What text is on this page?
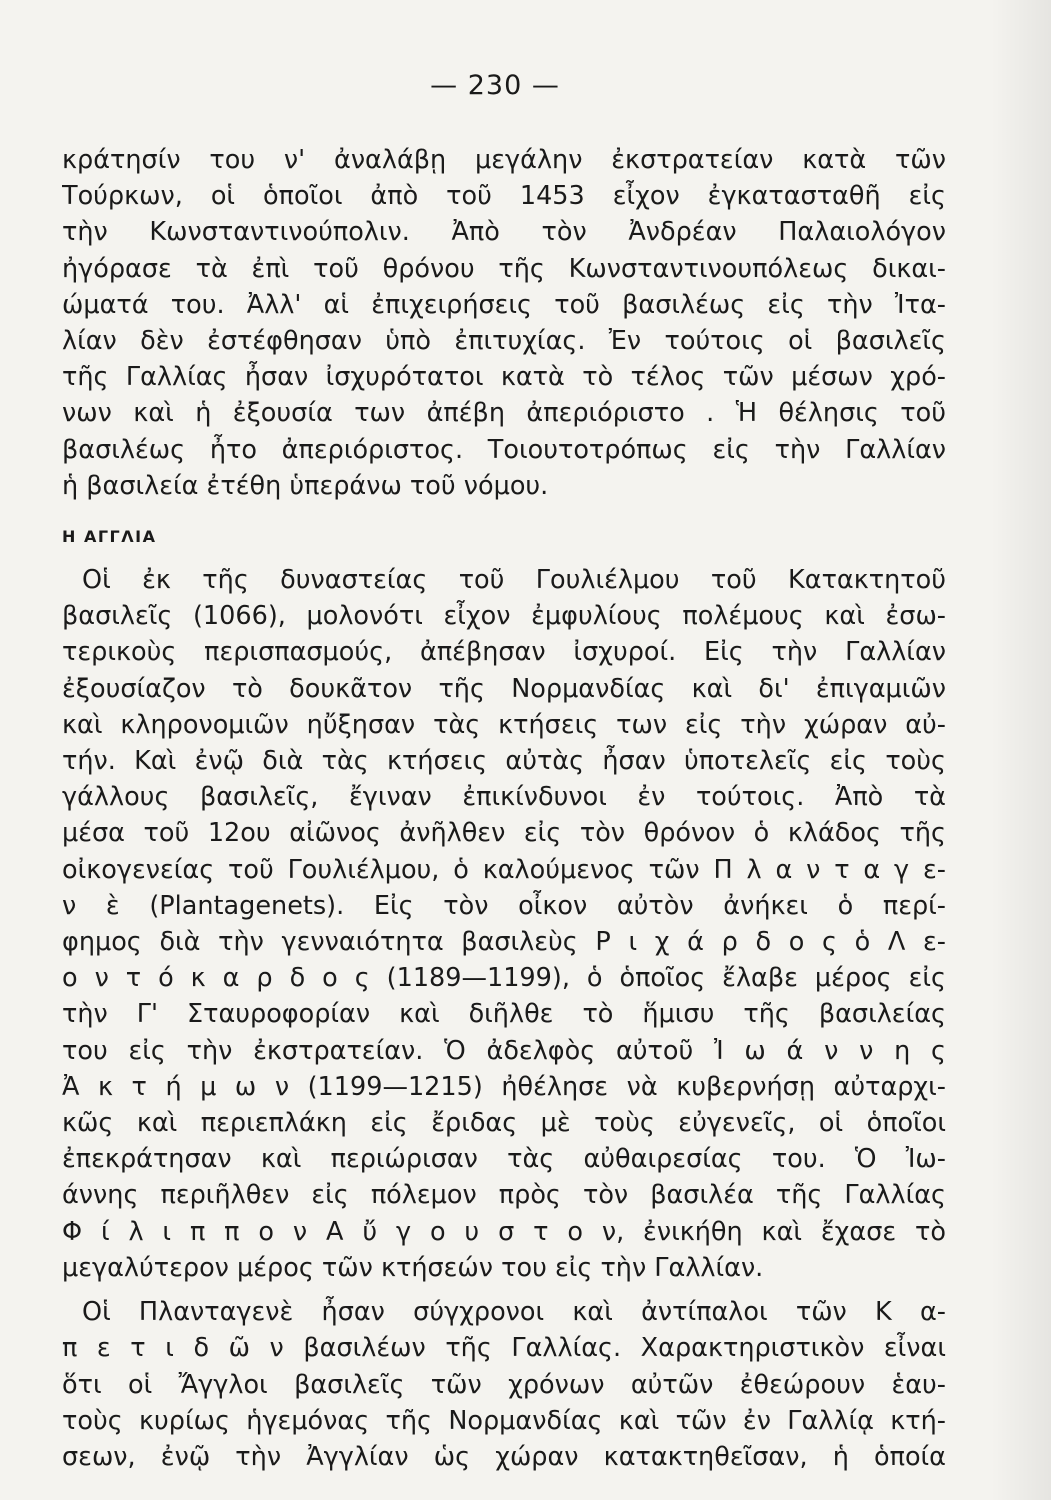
— 230 —
κράτησίν του ν' ἀναλάβῃ μεγάλην ἐκστρατείαν κατὰ τῶν
Τούρκων, οἱ ὁποῖοι ἀπὸ τοῦ 1453 εἶχον ἐγκατασταθῆ εἰς
τὴν Κωνσταντινούπολιν. Ἀπὸ τὸν Ἀνδρέαν Παλαιολόγον
ἠγόρασε τὰ ἐπὶ τοῦ θρόνου τῆς Κωνσταντινουπόλεως δικαι-
ώματά του. Ἀλλ' αἱ ἐπιχειρήσεις τοῦ βασιλέως εἰς τὴν Ἰτα-
λίαν δὲν ἐστέφθησαν ὑπὸ ἐπιτυχίας. Ἐν τούτοις οἱ βασιλεῖς
τῆς Γαλλίας ἦσαν ἰσχυρότατοι κατὰ τὸ τέλος τῶν μέσων χρό-
νων καὶ ἡ ἐξουσία των ἀπέβη ἀπεριόριστο . Ἡ θέλησις τοῦ
βασιλέως ἦτο ἀπεριόριστος. Τοιουτοτρόπως εἰς τὴν Γαλλίαν
ἡ βασιλεία ἐτέθη ὑπεράνω τοῦ νόμου.
Η ΑΓΓΛΙΑ
Οἱ ἐκ τῆς δυναστείας τοῦ Γουλιέλμου τοῦ Κατακτητοῦ
βασιλεῖς (1066), μολονότι εἶχον ἐμφυλίους πολέμους καὶ ἐσω-
τερικοὺς περισπασμούς, ἀπέβησαν ἰσχυροί. Εἰς τὴν Γαλλίαν
ἐξουσίαζον τὸ δουκᾶτον τῆς Νορμανδίας καὶ δι' ἐπιγαμιῶν
καὶ κληρονομιῶν ηὔξησαν τὰς κτήσεις των εἰς τὴν χώραν αὐ-
τήν. Καὶ ἐνῷ διὰ τὰς κτήσεις αὐτὰς ἦσαν ὑποτελεῖς εἰς τοὺς
γάλλους βασιλεῖς, ἔγιναν ἐπικίνδυνοι ἐν τούτοις. Ἀπὸ τὰ
μέσα τοῦ 12ου αἰῶνος ἀνῆλθεν εἰς τὸν θρόνον ὁ κλάδος τῆς
οἰκογενείας τοῦ Γουλιέλμου, ὁ καλούμενος τῶν Π λ α ν τ α γ ε-
ν ὲ (Plantagenets). Εἰς τὸν οἶκον αὐτὸν ἀνήκει ὁ περί-
φημος διὰ τὴν γενναιότητα βασιλεὺς Ρ ι χ ά ρ δ ο ς ὁ Λ ε-
ο ν τ ό κ α ρ δ ο ς (1189—1199), ὁ ὁποῖος ἔλαβε μέρος εἰς
τὴν Γ' Σταυροφορίαν καὶ διῆλθε τὸ ἥμισυ τῆς βασιλείας
του εἰς τὴν ἐκστρατείαν. Ὁ ἀδελφὸς αὐτοῦ Ἰ ω ά ν ν η ς
Ἀ κ τ ή μ ω ν (1199—1215) ἠθέλησε νὰ κυβερνήσῃ αὐταρχι-
κῶς καὶ περιεπλάκη εἰς ἔριδας μὲ τοὺς εὐγενεῖς, οἱ ὁποῖοι
ἐπεκράτησαν καὶ περιώρισαν τὰς αὐθαιρεσίας του. Ὁ Ἰω-
άννης περιῆλθεν εἰς πόλεμον πρὸς τὸν βασιλέα τῆς Γαλλίας
Φ ί λ ι π π ο ν Α ὔ γ ο υ σ τ ο ν, ἐνικήθη καὶ ἔχασε τὸ
μεγαλύτερον μέρος τῶν κτήσεών του εἰς τὴν Γαλλίαν.
Οἱ Πλανταγενὲ ἦσαν σύγχρονοι καὶ ἀντίπαλοι τῶν Κ α-
π ε τ ι δ ῶ ν βασιλέων τῆς Γαλλίας. Χαρακτηριστικὸν εἶναι
ὅτι οἱ Ἄγγλοι βασιλεῖς τῶν χρόνων αὐτῶν ἐθεώρουν ἑαυ-
τοὺς κυρίως ἡγεμόνας τῆς Νορμανδίας καὶ τῶν ἐν Γαλλίᾳ κτή-
σεων, ἐνῷ τὴν Ἀγγλίαν ὡς χώραν κατακτηθεῖσαν, ἡ ὁποία
